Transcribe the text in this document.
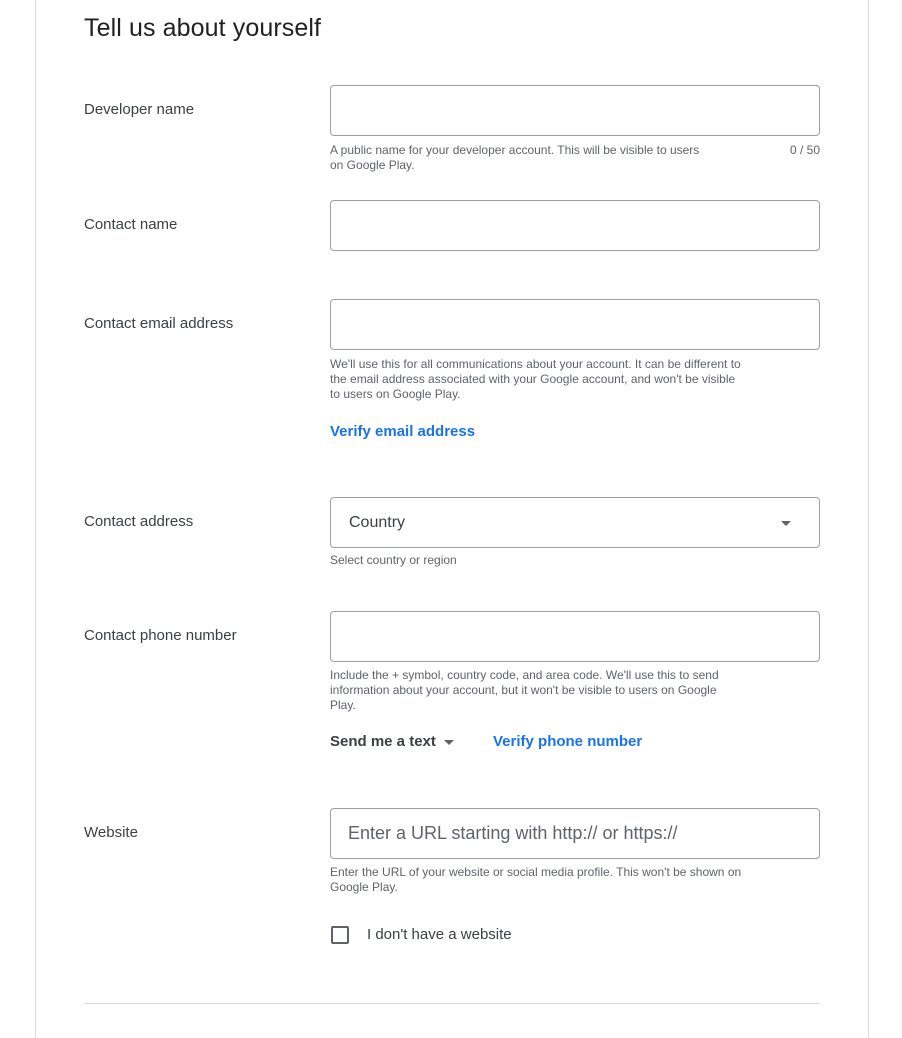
Tell us about yourself
Developer name
A public name for your developer account. This will be visible to users
on Google Play.
0 / 50
Contact name
Contact email address
We'll use this for all communications about your account. It can be different to
the email address associated with your Google account, and won't be visible
to users on Google Play.
Verify email address
Contact address	Country
Select country or region
Contact phone number
Include the + symbol, country code, and area code. We'll use this to send
information about your account, but it won't be visible to users on Google
Play.
Send me a text	Verify phone number
Website
Enter a URL starting with http:// or https://
Enter the URL of your website or social media profile. This won't be shown on
Google Play.
I don't have a website
